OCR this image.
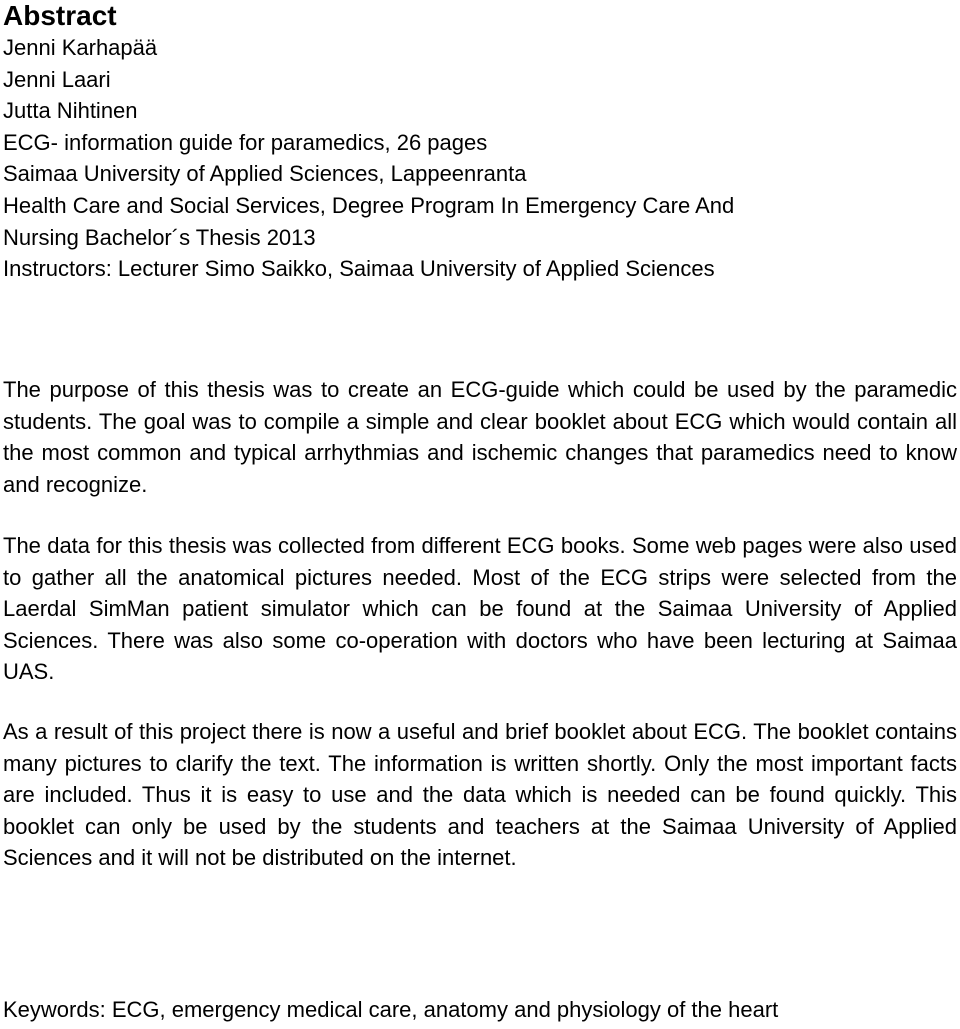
Abstract
Jenni Karhapää
Jenni Laari
Jutta Nihtinen
ECG- information guide for paramedics, 26 pages
Saimaa University of Applied Sciences, Lappeenranta
Health Care and Social Services, Degree Program In Emergency Care And
Nursing Bachelor´s Thesis 2013
Instructors: Lecturer Simo Saikko, Saimaa University of Applied Sciences

The purpose of this thesis was to create an ECG-guide which could be used by the paramedic students. The goal was to compile a simple and clear booklet about ECG which would contain all the most common and typical arrhythmias and ischemic changes that paramedics need to know and recognize.

The data for this thesis was collected from different ECG books. Some web pages were also used to gather all the anatomical pictures needed. Most of the ECG strips were selected from the Laerdal SimMan patient simulator which can be found at the Saimaa University of Applied Sciences. There was also some co-operation with doctors who have been lecturing at Saimaa UAS.

As a result of this project there is now a useful and brief booklet about ECG. The booklet contains many pictures to clarify the text. The information is written shortly. Only the most important facts are included. Thus it is easy to use and the data which is needed can be found quickly. This booklet can only be used by the students and teachers at the Saimaa University of Applied Sciences and it will not be distributed on the internet.

Keywords: ECG, emergency medical care, anatomy and physiology of the heart
